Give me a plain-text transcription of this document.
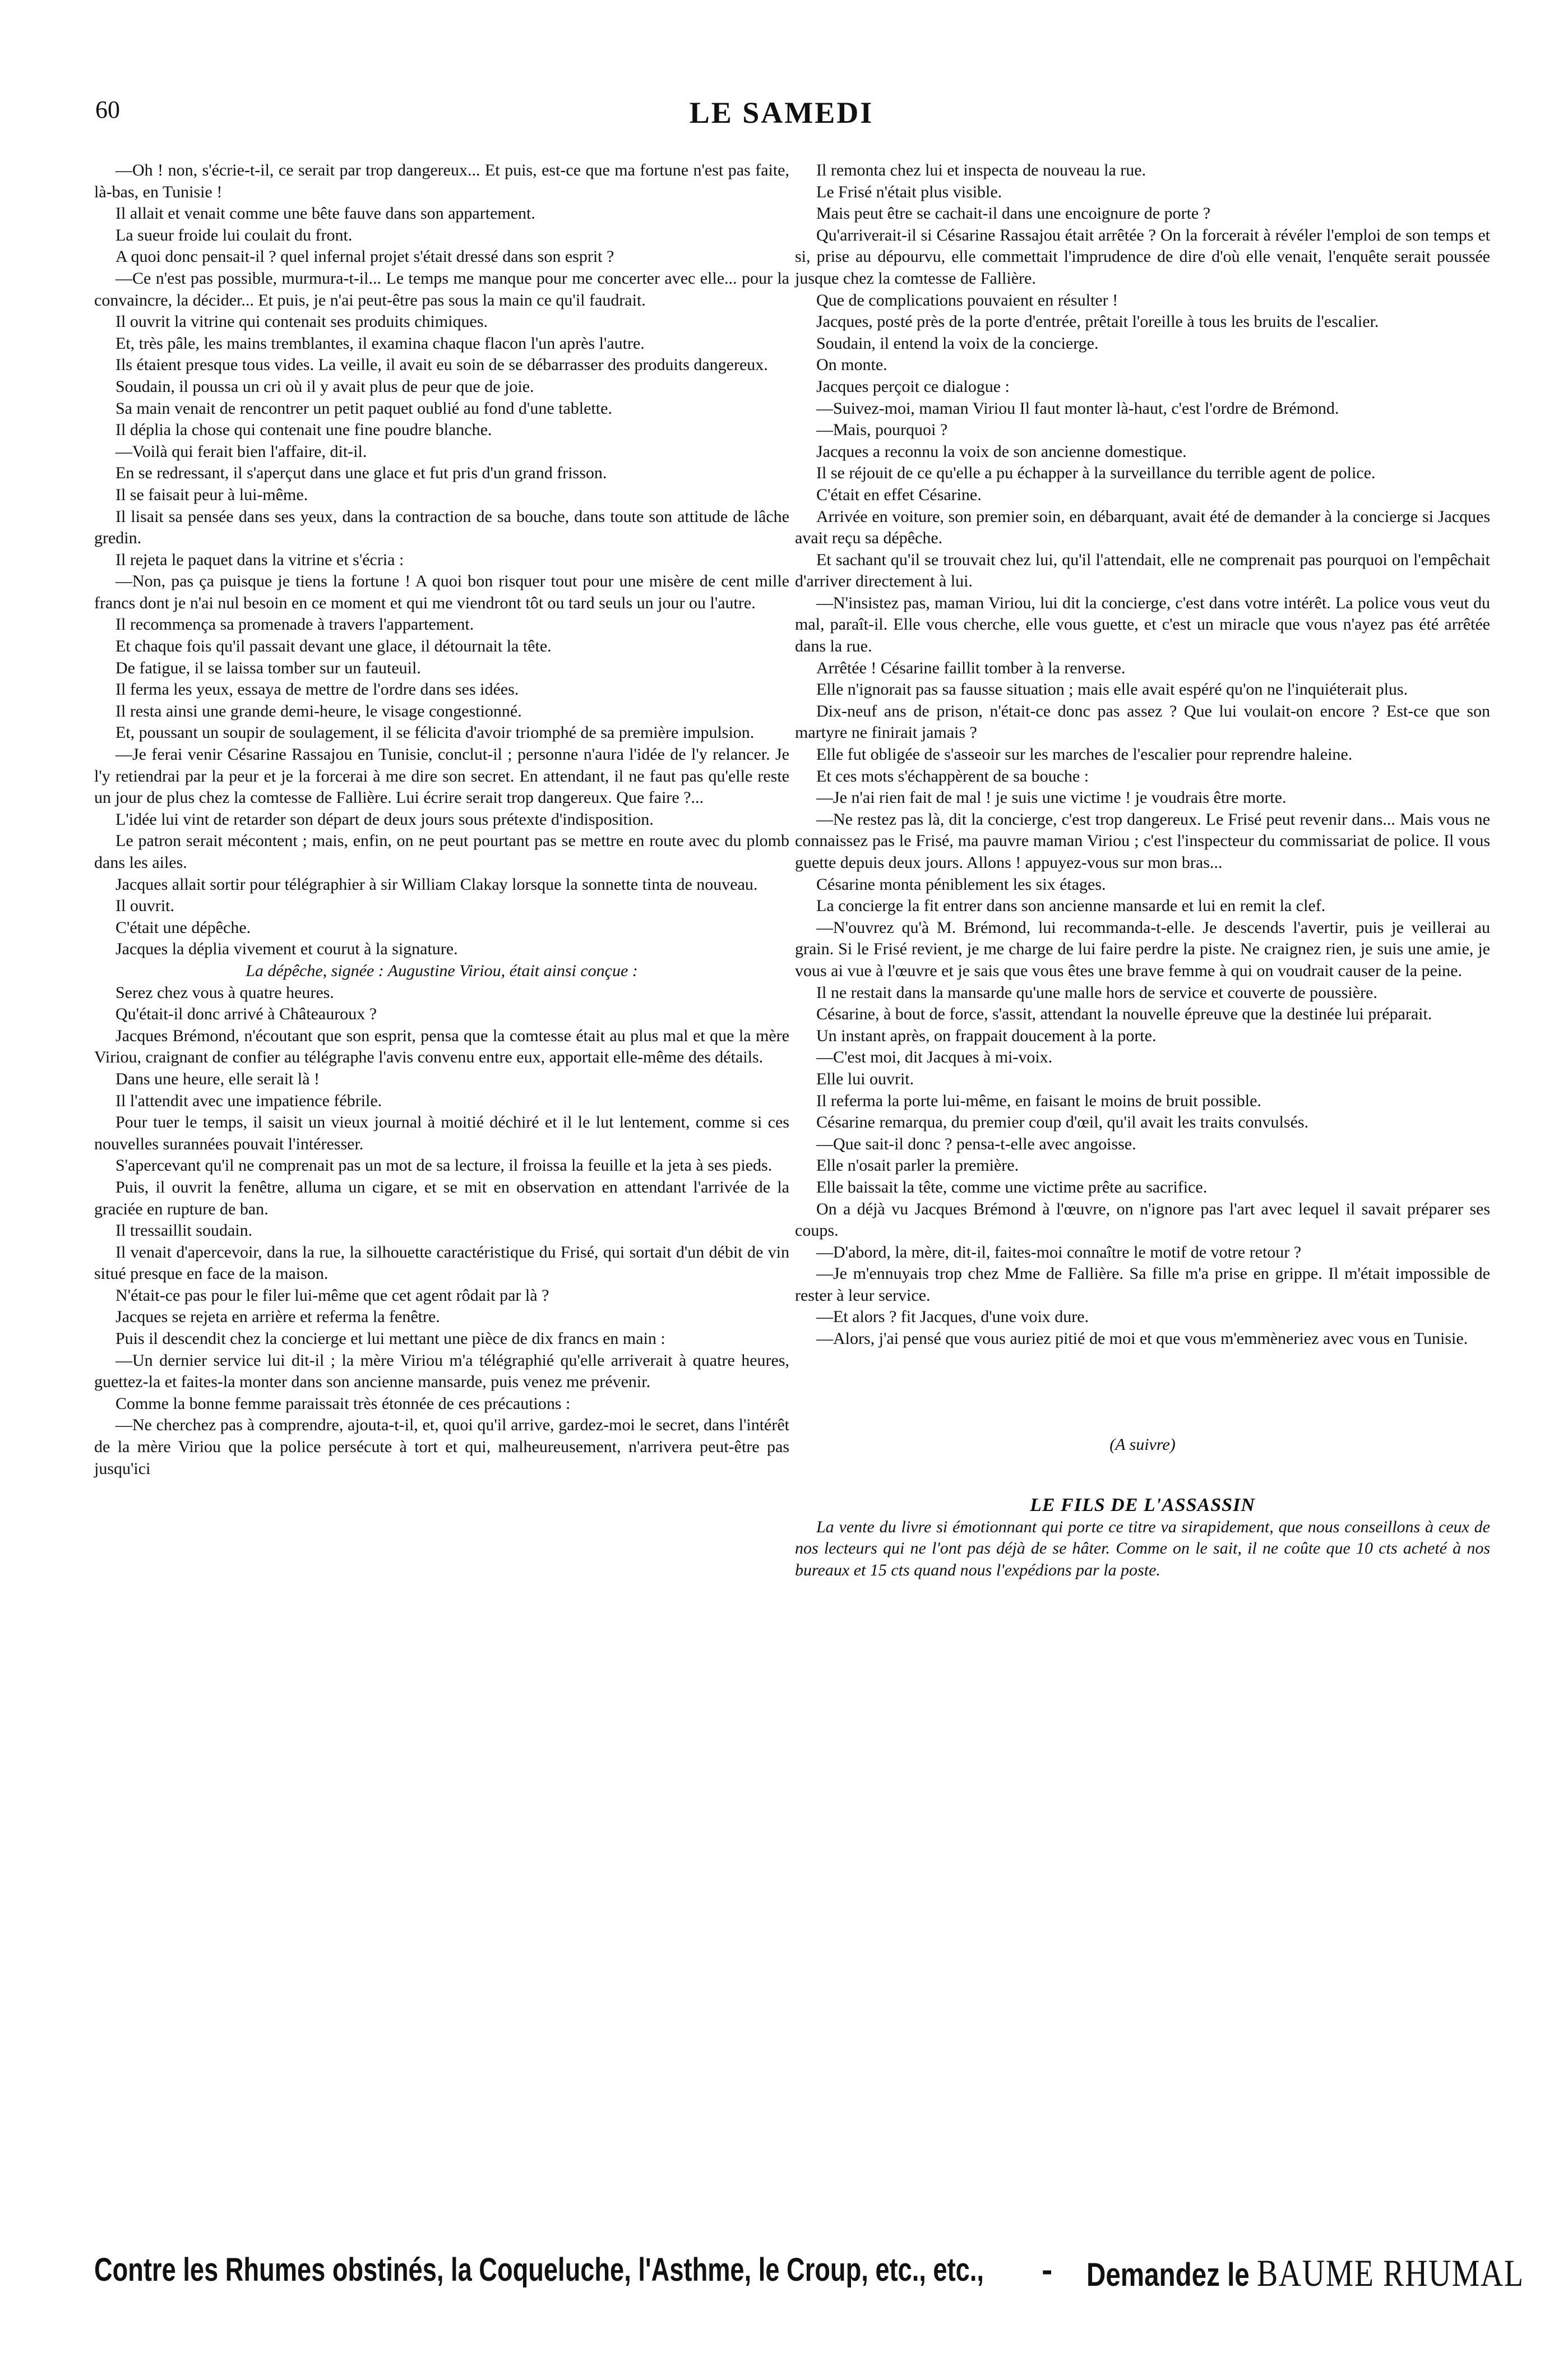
60	LE SAMEDI

—Oh ! non, s'écrie-t-il, ce serait par trop dangereux... Et puis, est-ce que ma fortune n'est pas faite, là-bas, en Tunisie !

Il allait et venait comme une bête fauve dans son appartement.

La sueur froide lui coulait du front.

A quoi donc pensait-il ? quel infernal projet s'était dressé dans son esprit ?

—Ce n'est pas possible, murmura-t-il... Le temps me manque pour me concerter avec elle... pour la convaincre, la décider... Et puis, je n'ai peut-être pas sous la main ce qu'il faudrait.

Il ouvrit la vitrine qui contenait ses produits chimiques.

Et, très pâle, les mains tremblantes, il examina chaque flacon l'un après l'autre.

Ils étaient presque tous vides. La veille, il avait eu soin de se débarrasser des produits dangereux.

Soudain, il poussa un cri où il y avait plus de peur que de joie.

Sa main venait de rencontrer un petit paquet oublié au fond d'une tablette.

Il déplia la chose qui contenait une fine poudre blanche.

—Voilà qui ferait bien l'affaire, dit-il.

En se redressant, il s'aperçut dans une glace et fut pris d'un grand frisson.

Il se faisait peur à lui-même.

Il lisait sa pensée dans ses yeux, dans la contraction de sa bouche, dans toute son attitude de lâche gredin.

Il rejeta le paquet dans la vitrine et s'écria :

—Non, pas ça puisque je tiens la fortune ! A quoi bon risquer tout pour une misère de cent mille francs dont je n'ai nul besoin en ce moment et qui me viendront tôt ou tard seuls un jour ou l'autre.

Il recommença sa promenade à travers l'appartement.

Et chaque fois qu'il passait devant une glace, il détournait la tête.

De fatigue, il se laissa tomber sur un fauteuil.

Il ferma les yeux, essaya de mettre de l'ordre dans ses idées.

Il resta ainsi une grande demi-heure, le visage congestionné.

Et, poussant un soupir de soulagement, il se félicita d'avoir triomphé de sa première impulsion.

—Je ferai venir Césarine Rassajou en Tunisie, conclut-il ; personne n'aura l'idée de l'y relancer. Je l'y retiendrai par la peur et je la forcerai à me dire son secret. En attendant, il ne faut pas qu'elle reste un jour de plus chez la comtesse de Fallière. Lui écrire serait trop dangereux. Que faire ?...

L'idée lui vint de retarder son départ de deux jours sous prétexte d'indisposition.

Le patron serait mécontent ; mais, enfin, on ne peut pourtant pas se mettre en route avec du plomb dans les ailes.

Jacques allait sortir pour télégraphier à sir William Clakay lorsque la sonnette tinta de nouveau.

Il ouvrit.

C'était une dépêche.

Jacques la déplia vivement et courut à la signature.

La dépêche, signée : Augustine Viriou, était ainsi conçue :

Serez chez vous à quatre heures.

Qu'était-il donc arrivé à Châteauroux ?

Jacques Brémond, n'écoutant que son esprit, pensa que la comtesse était au plus mal et que la mère Viriou, craignant de confier au télégraphe l'avis convenu entre eux, apportait elle-même des détails.

Dans une heure, elle serait là !

Il l'attendit avec une impatience fébrile.

Pour tuer le temps, il saisit un vieux journal à moitié déchiré et il le lut lentement, comme si ces nouvelles surannées pouvait l'intéresser.

S'apercevant qu'il ne comprenait pas un mot de sa lecture, il froissa la feuille et la jeta à ses pieds.

Puis, il ouvrit la fenêtre, alluma un cigare, et se mit en observation en attendant l'arrivée de la graciée en rupture de ban.

Il tressaillit soudain.

Il venait d'apercevoir, dans la rue, la silhouette caractéristique du Frisé, qui sortait d'un débit de vin situé presque en face de la maison.

N'était-ce pas pour le filer lui-même que cet agent rôdait par là ?

Jacques se rejeta en arrière et referma la fenêtre.

Puis il descendit chez la concierge et lui mettant une pièce de dix francs en main :

—Un dernier service lui dit-il ; la mère Viriou m'a télégraphié qu'elle arriverait à quatre heures, guettez-la et faites-la monter dans son ancienne mansarde, puis venez me prévenir.

Comme la bonne femme paraissait très étonnée de ces précautions :

—Ne cherchez pas à comprendre, ajouta-t-il, et, quoi qu'il arrive, gardez-moi le secret, dans l'intérêt de la mère Viriou que la police persécute à tort et qui, malheureusement, n'arrivera peut-être pas jusqu'ici

Il remonta chez lui et inspecta de nouveau la rue.

Le Frisé n'était plus visible.

Mais peut être se cachait-il dans une encoignure de porte ?

Qu'arriverait-il si Césarine Rassajou était arrêtée ? On la forcerait à révéler l'emploi de son temps et si, prise au dépourvu, elle commettait l'imprudence de dire d'où elle venait, l'enquête serait poussée jusque chez la comtesse de Fallière.

Que de complications pouvaient en résulter !

Jacques, posté près de la porte d'entrée, prêtait l'oreille à tous les bruits de l'escalier.

Soudain, il entend la voix de la concierge.

On monte.

Jacques perçoit ce dialogue :

—Suivez-moi, maman Viriou Il faut monter là-haut, c'est l'ordre de Brémond.

—Mais, pourquoi ?

Jacques a reconnu la voix de son ancienne domestique.

Il se réjouit de ce qu'elle a pu échapper à la surveillance du terrible agent de police.

C'était en effet Césarine.

Arrivée en voiture, son premier soin, en débarquant, avait été de demander à la concierge si Jacques avait reçu sa dépêche.

Et sachant qu'il se trouvait chez lui, qu'il l'attendait, elle ne comprenait pas pourquoi on l'empêchait d'arriver directement à lui.

—N'insistez pas, maman Viriou, lui dit la concierge, c'est dans votre intérêt. La police vous veut du mal, paraît-il. Elle vous cherche, elle vous guette, et c'est un miracle que vous n'ayez pas été arrêtée dans la rue.

Arrêtée ! Césarine faillit tomber à la renverse.

Elle n'ignorait pas sa fausse situation ; mais elle avait espéré qu'on ne l'inquiéterait plus.

Dix-neuf ans de prison, n'était-ce donc pas assez ? Que lui voulait-on encore ? Est-ce que son martyre ne finirait jamais ?

Elle fut obligée de s'asseoir sur les marches de l'escalier pour reprendre haleine.

Et ces mots s'échappèrent de sa bouche :

—Je n'ai rien fait de mal ! je suis une victime ! je voudrais être morte.

—Ne restez pas là, dit la concierge, c'est trop dangereux. Le Frisé peut revenir dans... Mais vous ne connaissez pas le Frisé, ma pauvre maman Viriou ; c'est l'inspecteur du commissariat de police. Il vous guette depuis deux jours. Allons ! appuyez-vous sur mon bras...

Césarine monta péniblement les six étages.

La concierge la fit entrer dans son ancienne mansarde et lui en remit la clef.

—N'ouvrez qu'à M. Brémond, lui recommanda-t-elle. Je descends l'avertir, puis je veillerai au grain. Si le Frisé revient, je me charge de lui faire perdre la piste. Ne craignez rien, je suis une amie, je vous ai vue à l'œuvre et je sais que vous êtes une brave femme à qui on voudrait causer de la peine.

Il ne restait dans la mansarde qu'une malle hors de service et couverte de poussière.

Césarine, à bout de force, s'assit, attendant la nouvelle épreuve que la destinée lui préparait.

Un instant après, on frappait doucement à la porte.

—C'est moi, dit Jacques à mi-voix.

Elle lui ouvrit.

Il referma la porte lui-même, en faisant le moins de bruit possible.

Césarine remarqua, du premier coup d'œil, qu'il avait les traits convulsés.

—Que sait-il donc ? pensa-t-elle avec angoisse.

Elle n'osait parler la première.

Elle baissait la tête, comme une victime prête au sacrifice.

On a déjà vu Jacques Brémond à l'œuvre, on n'ignore pas l'art avec lequel il savait préparer ses coups.

—D'abord, la mère, dit-il, faites-moi connaître le motif de votre retour ?

—Je m'ennuyais trop chez Mme de Fallière. Sa fille m'a prise en grippe. Il m'était impossible de rester à leur service.

—Et alors ? fit Jacques, d'une voix dure.

—Alors, j'ai pensé que vous auriez pitié de moi et que vous m'emmèneriez avec vous en Tunisie.

(A suivre)

LE FILS DE L'ASSASSIN

La vente du livre si émotionnant qui porte ce titre va sirapidement, que nous conseillons à ceux de nos lecteurs qui ne l'ont pas déjà de se hâter. Comme on le sait, il ne coûte que 10 cts acheté à nos bureaux et 15 cts quand nous l'expédions par la poste.

Contre les Rhumes obstinés, la Coqueluche, l'Asthme, le Croup, etc., etc., - Demandez le BAUME RHUMAL
